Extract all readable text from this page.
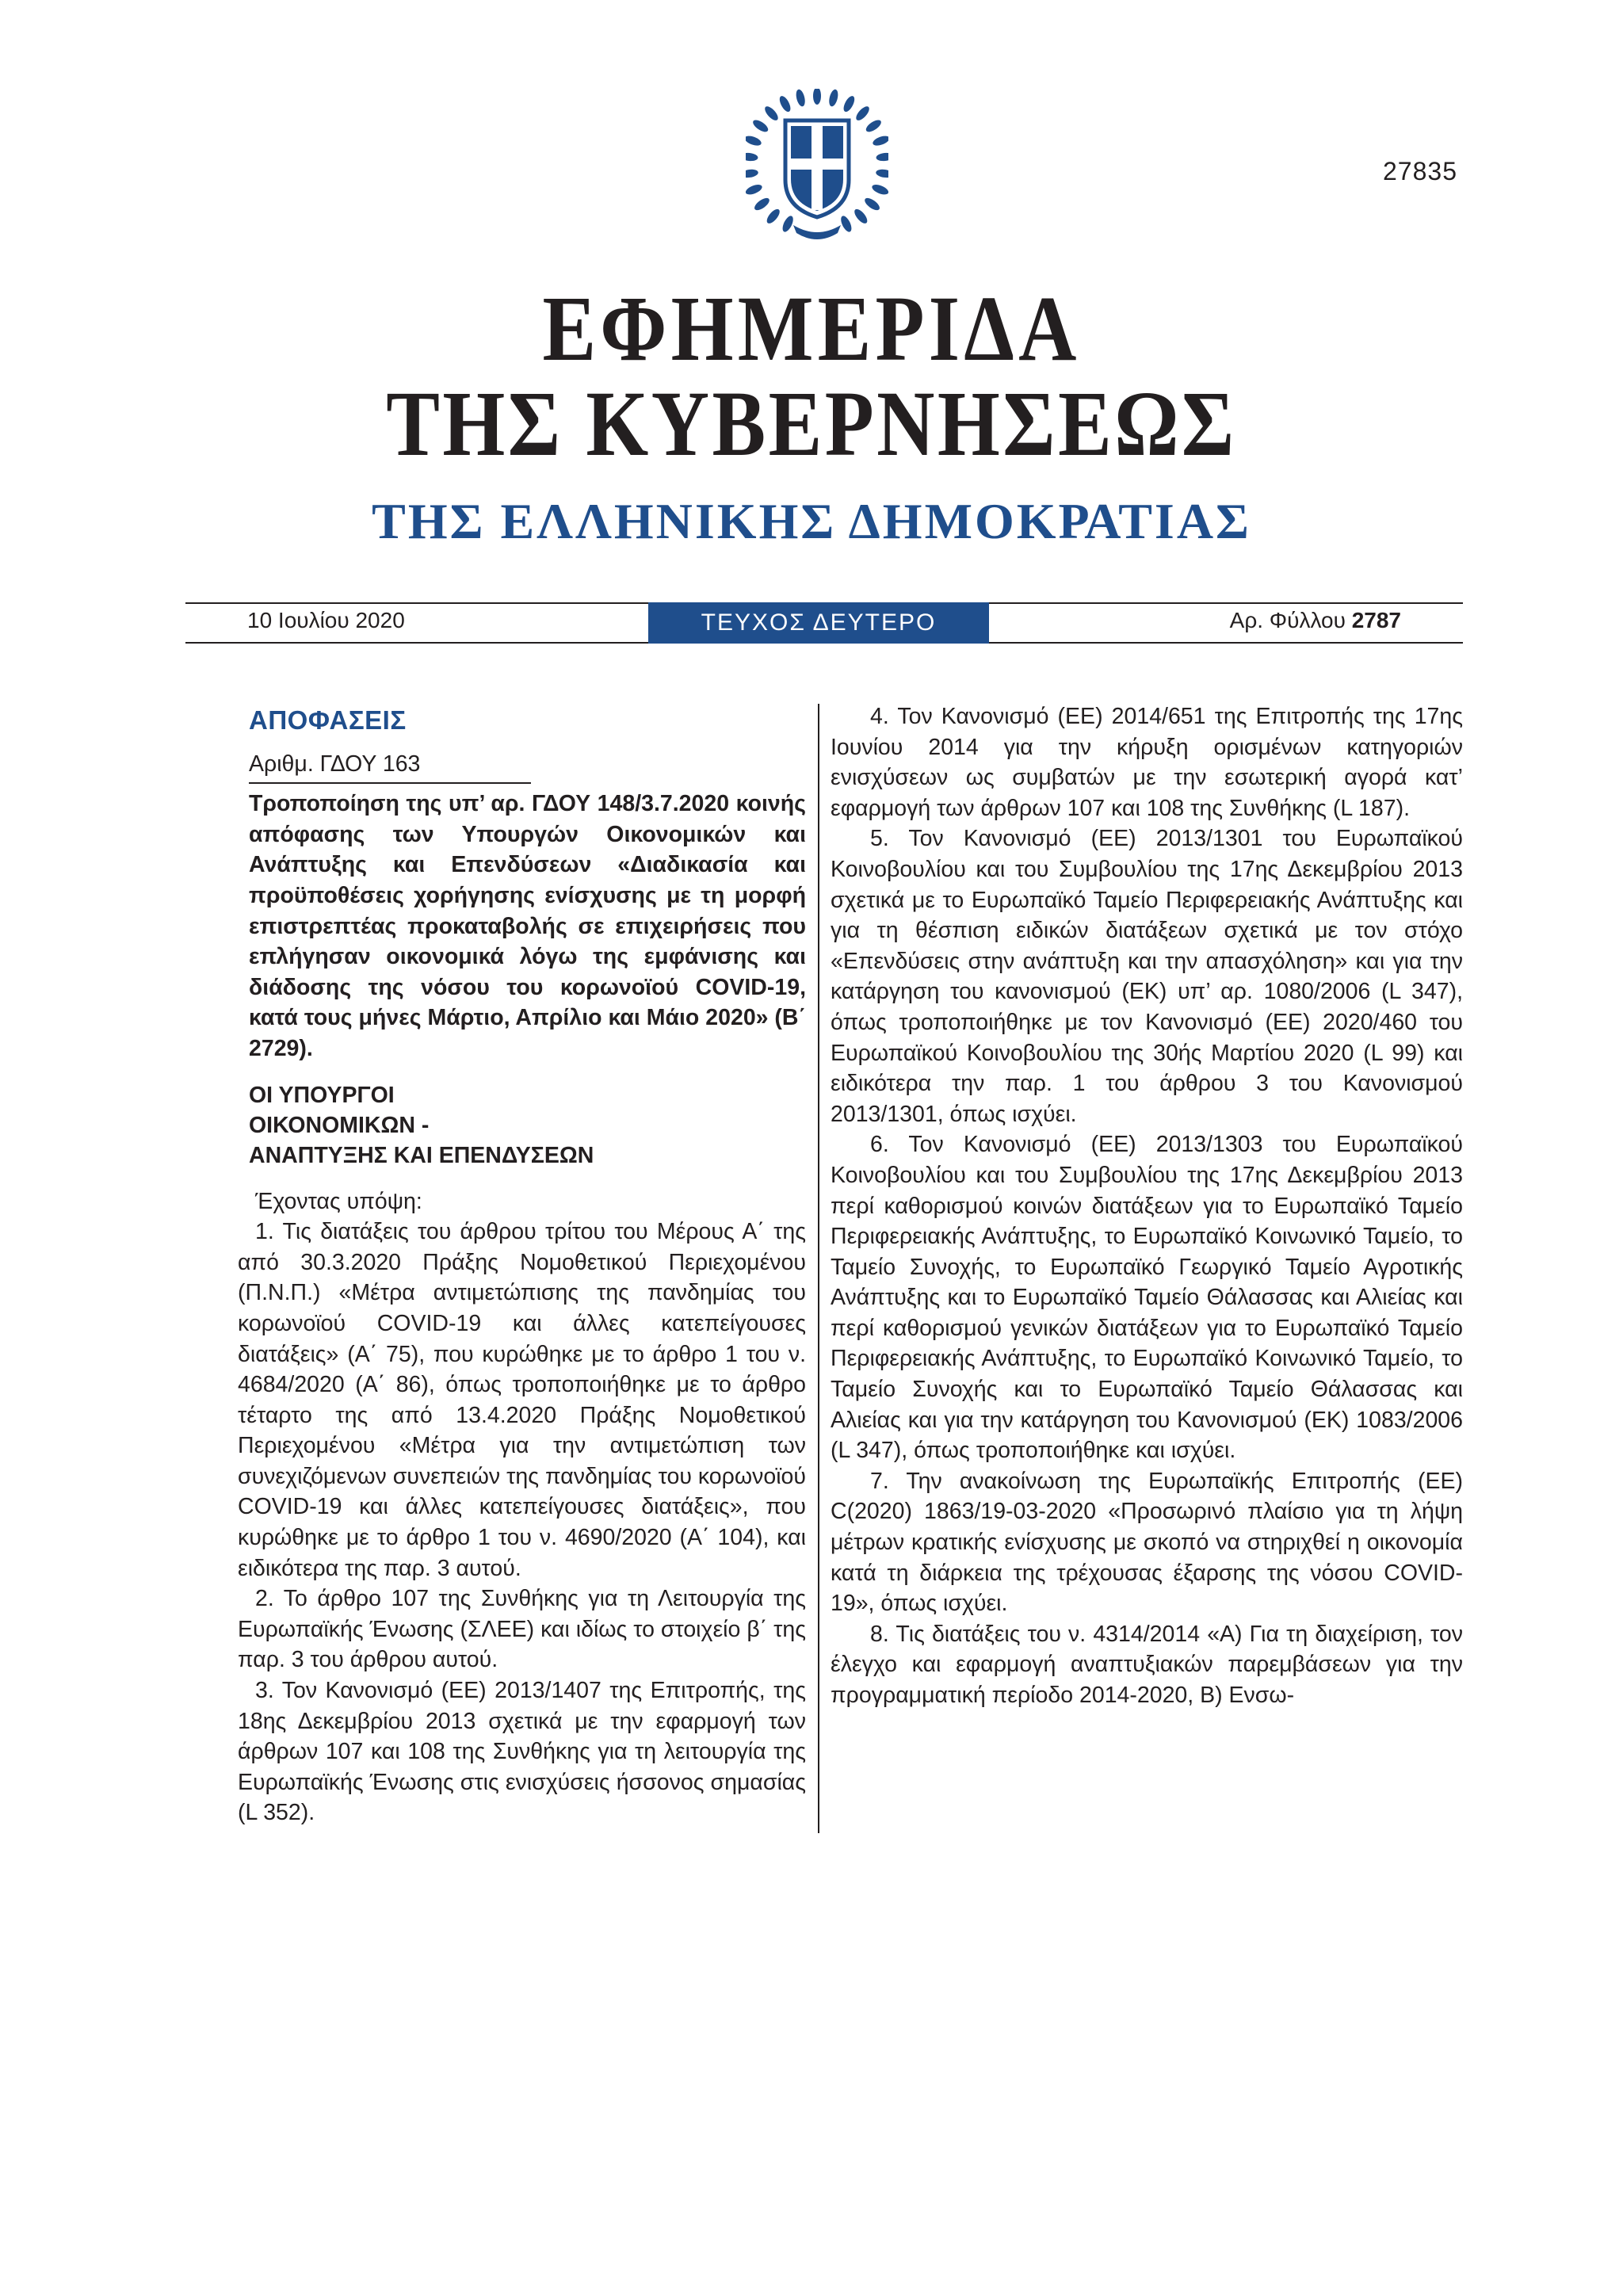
27835
ΕΦΗΜΕΡΙΔΑ
ΤΗΣ ΚΥΒΕΡΝΗΣΕΩΣ
ΤΗΣ ΕΛΛΗΝΙΚΗΣ ΔΗΜΟΚΡΑΤΙΑΣ
10 Ιουλίου 2020	ΤΕΥΧΟΣ ΔΕΥΤΕΡΟ	Αρ. Φύλλου 2787
ΑΠΟΦΑΣΕΙΣ
Αριθμ. ΓΔΟΥ 163

Τροποποίηση της υπ’ αρ. ΓΔΟΥ 148/3.7.2020 κοινής απόφασης των Υπουργών Οικονομικών και Ανάπτυξης και Επενδύσεων «Διαδικασία και προϋποθέσεις χορήγησης ενίσχυσης με τη μορφή επιστρεπτέας προκαταβολής σε επιχειρήσεις που επλήγησαν οικονομικά λόγω της εμφάνισης και διάδοσης της νόσου του κορωνοϊού COVID-19, κατά τους μήνες Μάρτιο, Απρίλιο και Μάιο 2020» (Β΄ 2729).

ΟΙ ΥΠΟΥΡΓΟΙ
ΟΙΚΟΝΟΜΙΚΩΝ -
ΑΝΑΠΤΥΞΗΣ ΚΑΙ ΕΠΕΝΔΥΣΕΩΝ

Έχοντας υπόψη:

1. Τις διατάξεις του άρθρου τρίτου του Μέρους Α΄ της από 30.3.2020 Πράξης Νομοθετικού Περιεχομένου (Π.Ν.Π.) «Μέτρα αντιμετώπισης της πανδημίας του κορωνοϊού COVID-19 και άλλες κατεπείγουσες διατάξεις» (Α΄ 75), που κυρώθηκε με το άρθρο 1 του ν. 4684/2020 (Α΄ 86), όπως τροποποιήθηκε με το άρθρο τέταρτο της από 13.4.2020 Πράξης Νομοθετικού Περιεχομένου «Μέτρα για την αντιμετώπιση των συνεχιζόμενων συνεπειών της πανδημίας του κορωνοϊού COVID-19 και άλλες κατεπείγουσες διατάξεις», που κυρώθηκε με το άρθρο 1 του ν. 4690/2020 (Α΄ 104), και ειδικότερα της παρ. 3 αυτού.

2. Το άρθρο 107 της Συνθήκης για τη Λειτουργία της Ευρωπαϊκής Ένωσης (ΣΛΕΕ) και ιδίως το στοιχείο β΄ της παρ. 3 του άρθρου αυτού.

3. Τον Κανονισμό (ΕΕ) 2013/1407 της Επιτροπής, της 18ης Δεκεμβρίου 2013 σχετικά με την εφαρμογή των άρθρων 107 και 108 της Συνθήκης για τη λειτουργία της Ευρωπαϊκής Ένωσης στις ενισχύσεις ήσσονος σημασίας (L 352).

4. Τον Κανονισμό (ΕΕ) 2014/651 της Επιτροπής της 17ης Ιουνίου 2014 για την κήρυξη ορισμένων κατηγοριών ενισχύσεων ως συμβατών με την εσωτερική αγορά κατ’ εφαρμογή των άρθρων 107 και 108 της Συνθήκης (L 187).

5. Τον Κανονισμό (ΕΕ) 2013/1301 του Ευρωπαϊκού Κοινοβουλίου και του Συμβουλίου της 17ης Δεκεμβρίου 2013 σχετικά με το Ευρωπαϊκό Ταμείο Περιφερειακής Ανάπτυξης και για τη θέσπιση ειδικών διατάξεων σχετικά με τον στόχο «Επενδύσεις στην ανάπτυξη και την απασχόληση» και για την κατάργηση του κανονισμού (ΕΚ) υπ’ αρ. 1080/2006 (L 347), όπως τροποποιήθηκε με τον Κανονισμό (ΕΕ) 2020/460 του Ευρωπαϊκού Κοινοβουλίου της 30ής Μαρτίου 2020 (L 99) και ειδικότερα την παρ. 1 του άρθρου 3 του Κανονισμού 2013/1301, όπως ισχύει.

6. Τον Κανονισμό (ΕΕ) 2013/1303 του Ευρωπαϊκού Κοινοβουλίου και του Συμβουλίου της 17ης Δεκεμβρίου 2013 περί καθορισμού κοινών διατάξεων για το Ευρωπαϊκό Ταμείο Περιφερειακής Ανάπτυξης, το Ευρωπαϊκό Κοινωνικό Ταμείο, το Ταμείο Συνοχής, το Ευρωπαϊκό Γεωργικό Ταμείο Αγροτικής Ανάπτυξης και το Ευρωπαϊκό Ταμείο Θάλασσας και Αλιείας και περί καθορισμού γενικών διατάξεων για το Ευρωπαϊκό Ταμείο Περιφερειακής Ανάπτυξης, το Ευρωπαϊκό Κοινωνικό Ταμείο, το Ταμείο Συνοχής και το Ευρωπαϊκό Ταμείο Θάλασσας και Αλιείας και για την κατάργηση του Κανονισμού (ΕΚ) 1083/2006 (L 347), όπως τροποποιήθηκε και ισχύει.

7. Την ανακοίνωση της Ευρωπαϊκής Επιτροπής (ΕΕ) C(2020) 1863/19-03-2020 «Προσωρινό πλαίσιο για τη λήψη μέτρων κρατικής ενίσχυσης με σκοπό να στηριχθεί η οικονομία κατά τη διάρκεια της τρέχουσας έξαρσης της νόσου COVID-19», όπως ισχύει.

8. Τις διατάξεις του ν. 4314/2014 «Α) Για τη διαχείριση, τον έλεγχο και εφαρμογή αναπτυξιακών παρεμβάσεων για την προγραμματική περίοδο 2014-2020, Β) Ενσω-
